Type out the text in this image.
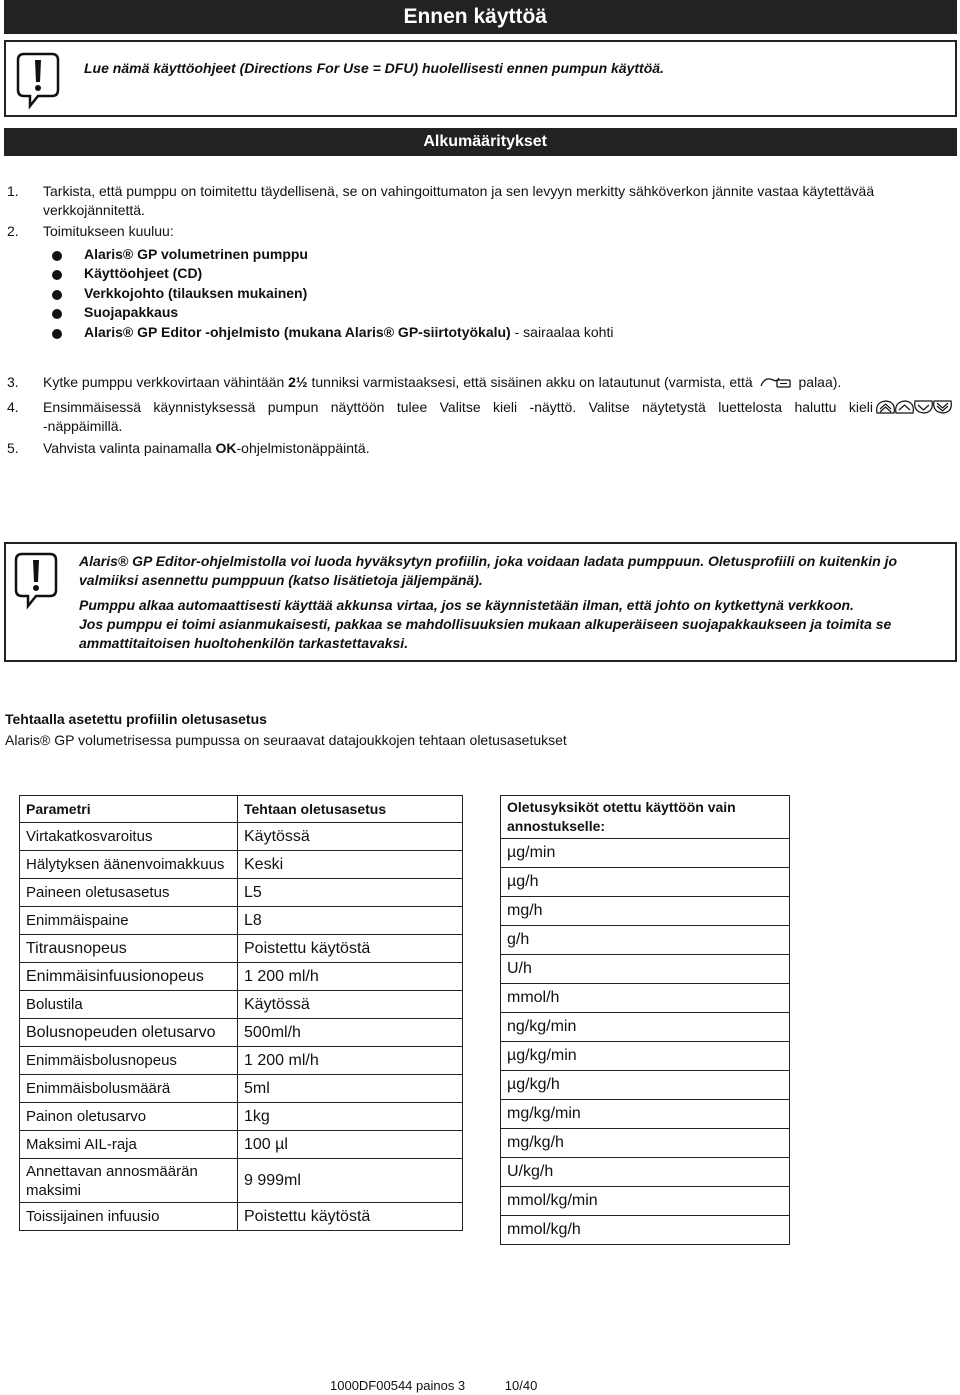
Ennen käyttöä
Lue nämä käyttöohjeet (Directions For Use = DFU) huolellisesti ennen pumpun käyttöä.
Alkumääritykset
1. Tarkista, että pumppu on toimitettu täydellisenä, se on vahingoittumaton ja sen levyyn merkitty sähköverkon jännite vastaa käytettävää
verkkojännitettä.
2. Toimitukseen kuuluu:
Alaris® GP volumetrinen pumppu
Käyttöohjeet (CD)
Verkkojohto (tilauksen mukainen)
Suojapakkaus
Alaris® GP Editor -ohjelmisto (mukana Alaris® GP-siirtotyökalu) - sairaalaa kohti
3. Kytke pumppu verkkovirtaan vähintään 2½ tunniksi varmistaaksesi, että sisäinen akku on latautunut (varmista, että	palaa).
4. Ensimmäisessä käynnistyksessä pumpun näyttöön tulee Valitse kieli -näyttö. Valitse näytetystä luettelosta haluttu kieli
-näppäimillä.
5. Vahvista valinta painamalla OK-ohjelmistonäppäintä.

Alaris® GP Editor-ohjelmistolla voi luoda hyväksytyn profiilin, joka voidaan ladata pumppuun. Oletusprofiili on kuitenkin jo valmiiksi asennettu pumppuun (katso lisätietoja jäljempänä).

Pumppu alkaa automaattisesti käyttää akkunsa virtaa, jos se käynnistetään ilman, että johto on kytkettynä verkkoon.

Jos pumppu ei toimi asianmukaisesti, pakkaa se mahdollisuuksien mukaan alkuperäiseen suojapakkaukseen ja toimita se ammattitaitoisen huoltohenkilön tarkastettavaksi.

Tehtaalla asetettu profiilin oletusasetus
Alaris® GP volumetrisessa pumpussa on seuraavat datajoukkojen tehtaan oletusasetukset
Parametri	Tehtaan oletusasetus
Virtakatkosvaroitus	Käytössä
Hälytyksen äänenvoimakkuus	Keski
Paineen oletusasetus	L5
Enimmäispaine	L8
Titrausnopeus	Poistettu käytöstä
Enimmäisinfuusionopeus	1 200 ml/h
Bolustila	Käytössä
Bolusnopeuden oletusarvo	500ml/h
Enimmäisbolusnopeus	1 200 ml/h
Enimmäisbolusmäärä	5ml
Painon oletusarvo	1kg
Maksimi AIL-raja	100 µl
Annettavan annosmäärän maksimi	9 999ml
Toissijainen infuusio	Poistettu käytöstä
Oletusyksiköt otettu käyttöön vain annostukselle:
µg/min
µg/h
mg/h
g/h
U/h
mmol/h
ng/kg/min
µg/kg/min
µg/kg/h
mg/kg/min
mg/kg/h
U/kg/h
mmol/kg/min
mmol/kg/h
1000DF00544 painos 3	10/40
